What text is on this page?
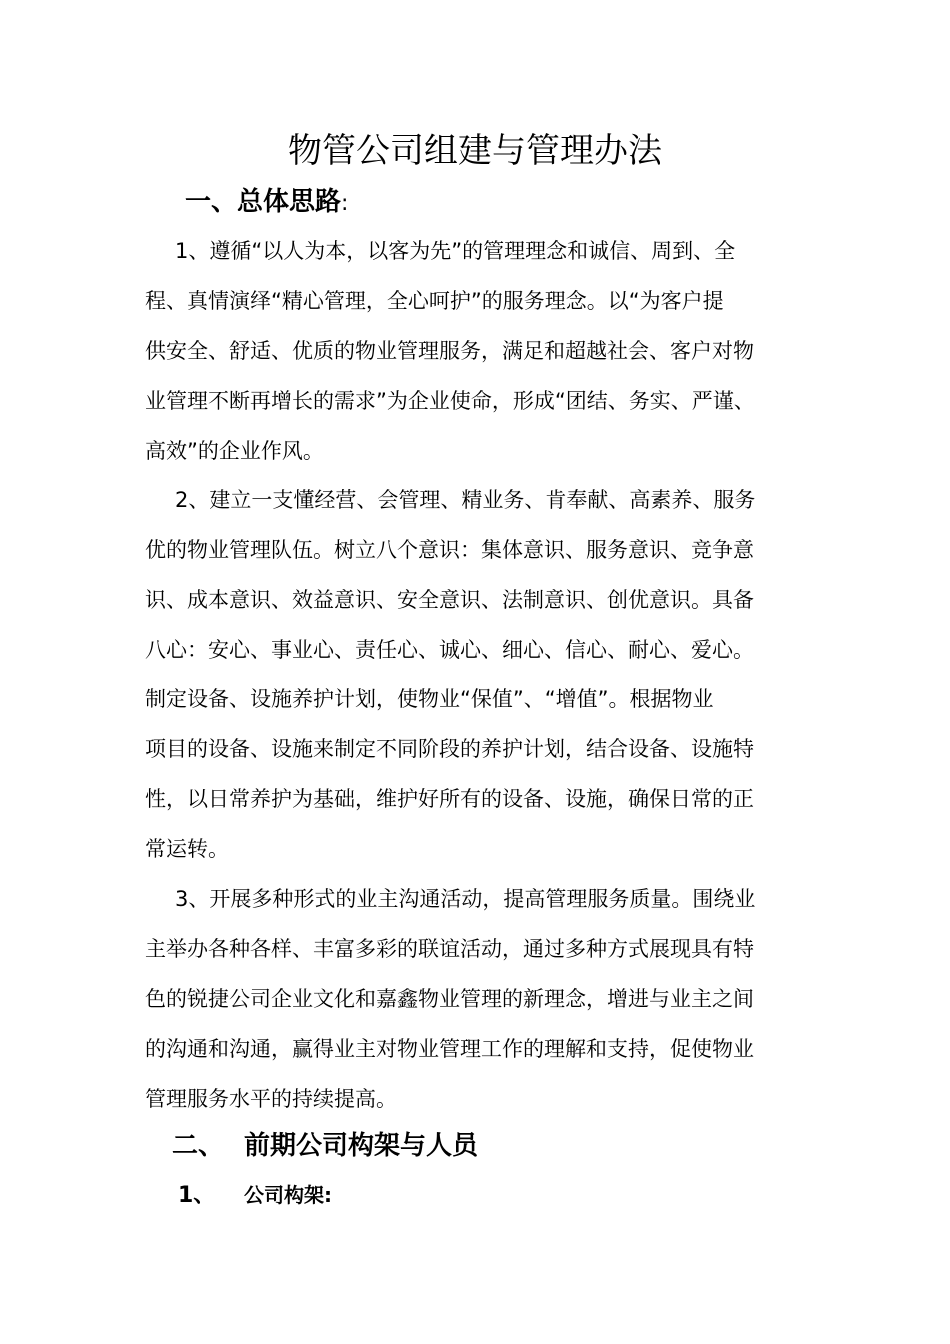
物管公司组建与管理办法
一、总体思路:

1、遵循“以人为本，以客为先”的管理理念和诚信、周到、全
程、真情演绎“精心管理，全心呵护”的服务理念。以“为客户提
供安全、舒适、优质的物业管理服务，满足和超越社会、客户对物
业管理不断再增长的需求”为企业使命，形成“团结、务实、严谨、
高效”的企业作风。

2、建立一支懂经营、会管理、精业务、肯奉献、高素养、服务
优的物业管理队伍。树立八个意识：集体意识、服务意识、竞争意
识、成本意识、效益意识、安全意识、法制意识、创优意识。具备
八心：安心、事业心、责任心、诚心、细心、信心、耐心、爱心。

制定设备、设施养护计划，使物业“保值”、“增值”。根据物业
项目的设备、设施来制定不同阶段的养护计划，结合设备、设施特
性，以日常养护为基础，维护好所有的设备、设施，确保日常的正
常运转。

3、开展多种形式的业主沟通活动，提高管理服务质量。围绕业
主举办各种各样、丰富多彩的联谊活动，通过多种方式展现具有特
色的锐捷公司企业文化和嘉鑫物业管理的新理念，增进与业主之间
的沟通和沟通，赢得业主对物业管理工作的理解和支持，促使物业
管理服务水平的持续提高。

二、 前期公司构架与人员
1、 公司构架:
